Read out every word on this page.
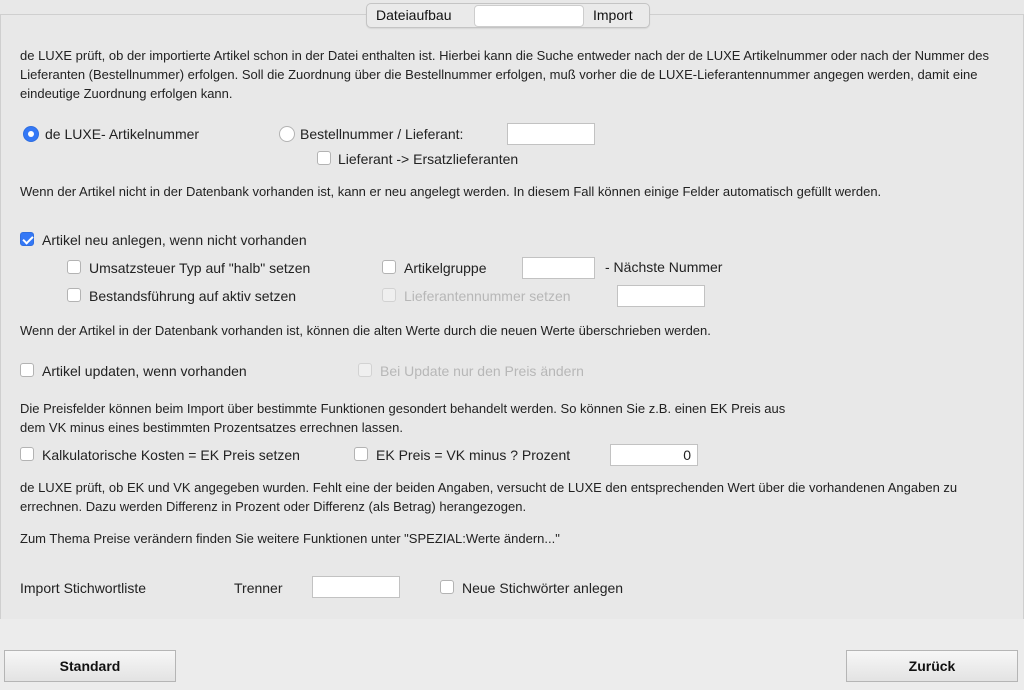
Dateiaufbau	Import
de LUXE prüft, ob der importierte Artikel schon in der Datei enthalten ist. Hierbei kann die Suche entweder nach der de LUXE Artikelnummer oder nach der Nummer des Lieferanten (Bestellnummer) erfolgen. Soll die Zuordnung über die Bestellnummer erfolgen, muß vorher die de LUXE-Lieferantennummer angegen werden, damit eine eindeutige Zuordnung erfolgen kann.
de LUXE- Artikelnummer	Bestellnummer / Lieferant:
Lieferant -> Ersatzlieferanten
Wenn der Artikel nicht in der Datenbank vorhanden ist, kann er neu angelegt werden. In diesem Fall können einige Felder automatisch gefüllt werden.
Artikel neu anlegen, wenn nicht vorhanden
Umsatzsteuer Typ auf "halb" setzen	Artikelgruppe	- Nächste Nummer
Bestandsführung auf aktiv setzen	Lieferantennummer setzen
Wenn der Artikel in der Datenbank vorhanden ist, können die alten Werte durch die neuen Werte überschrieben werden.
Artikel updaten, wenn vorhanden	Bei Update nur den Preis ändern
Die Preisfelder können beim Import über bestimmte Funktionen gesondert behandelt werden. So können Sie z.B. einen EK Preis aus dem VK minus eines bestimmten Prozentsatzes errechnen lassen.
Kalkulatorische Kosten = EK Preis setzen	EK Preis = VK minus ? Prozent	0
de LUXE prüft, ob EK und VK angegeben wurden. Fehlt eine der beiden Angaben, versucht de LUXE den entsprechenden Wert über die vorhandenen Angaben zu errechnen. Dazu werden Differenz in Prozent oder Differenz (als Betrag) herangezogen.
Zum Thema Preise verändern finden Sie weitere Funktionen unter "SPEZIAL:Werte ändern..."
Import Stichwortliste	Trenner	Neue Stichwörter anlegen
Standard	Zurück
